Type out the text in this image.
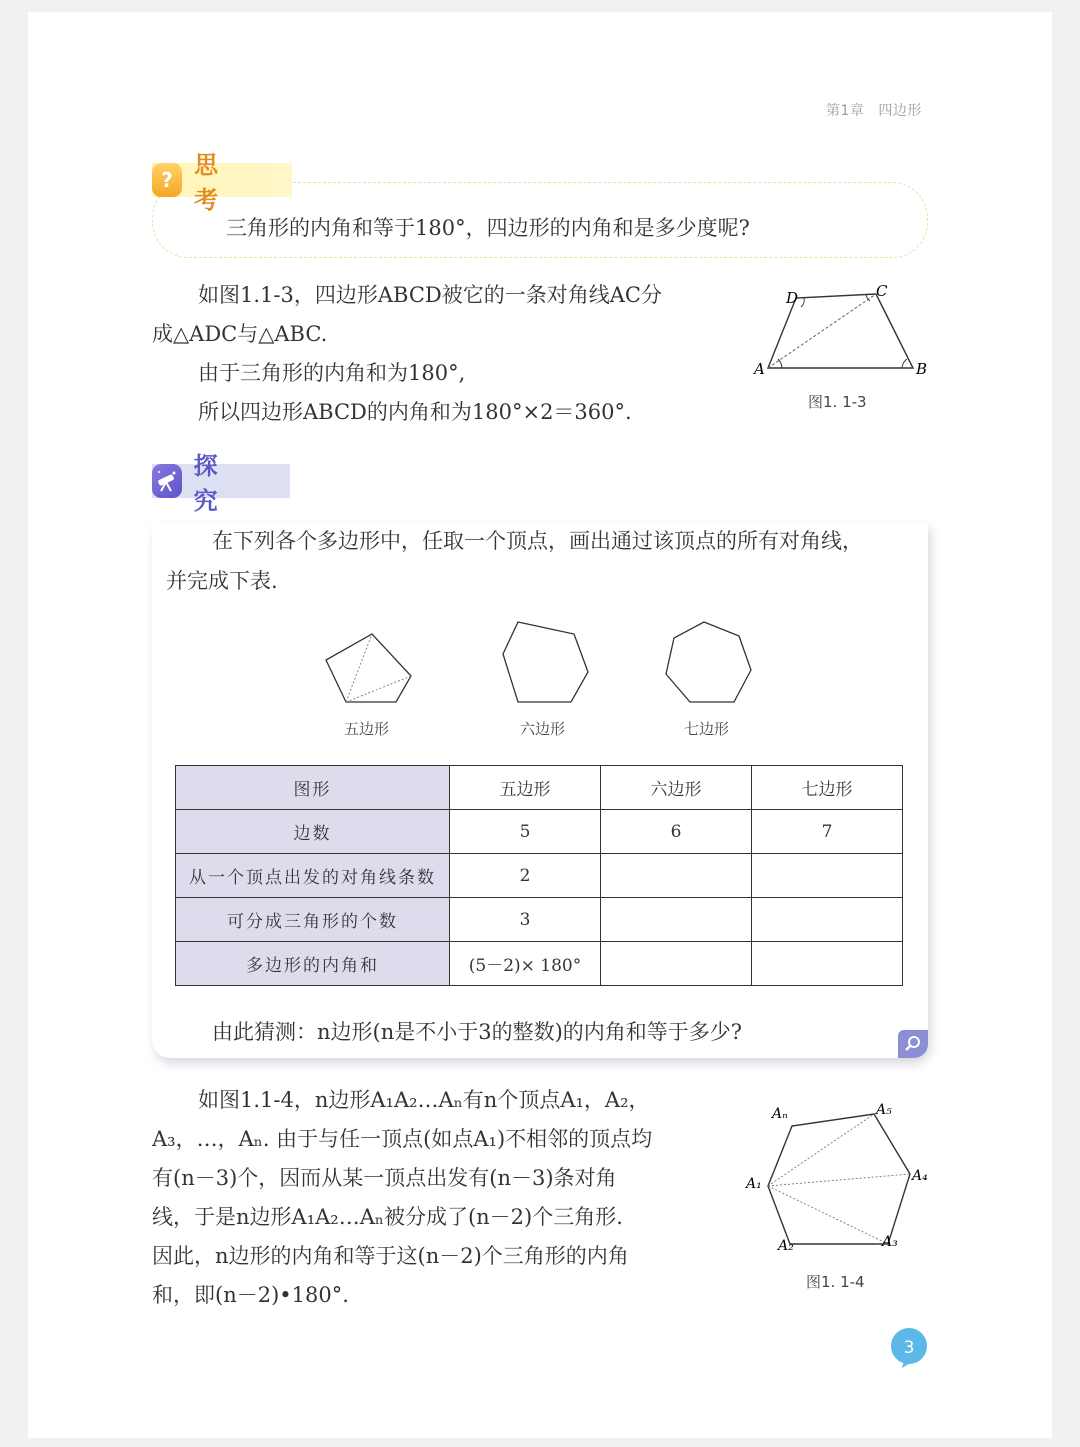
第1章 四边形
?
思 考
三角形的内角和等于180°，四边形的内角和是多少度呢?
如图1.1-3，四边形ABCD被它的一条对角线AC分
成△ADC与△ABC.
由于三角形的内角和为180°,
所以四边形ABCD的内角和为180°×2＝360°.
A	B
C
D
图1. 1-3
探 究
在下列各个多边形中，任取一个顶点，画出通过该顶点的所有对角线，
并完成下表.
五边形	六边形	七边形
图形	五边形	六边形	七边形
边数	5	6	7
从一个顶点出发的对角线条数	2		
可分成三角形的个数	3		
多边形的内角和	(5－2)× 180°		
由此猜测：n边形(n是不小于3的整数)的内角和等于多少?
如图1.1-4，n边形A₁A₂…Aₙ有n个顶点A₁，A₂，
A₃，…，Aₙ. 由于与任一顶点(如点A₁)不相邻的顶点均
有(n－3)个，因而从某一顶点出发有(n－3)条对角
线，于是n边形A₁A₂…Aₙ被分成了(n－2)个三角形.
因此，n边形的内角和等于这(n－2)个三角形的内角
和，即(n－2)•180°.
Aₙ	A₅
A₄
A₃
A₂
A₁
图1. 1-4
3
